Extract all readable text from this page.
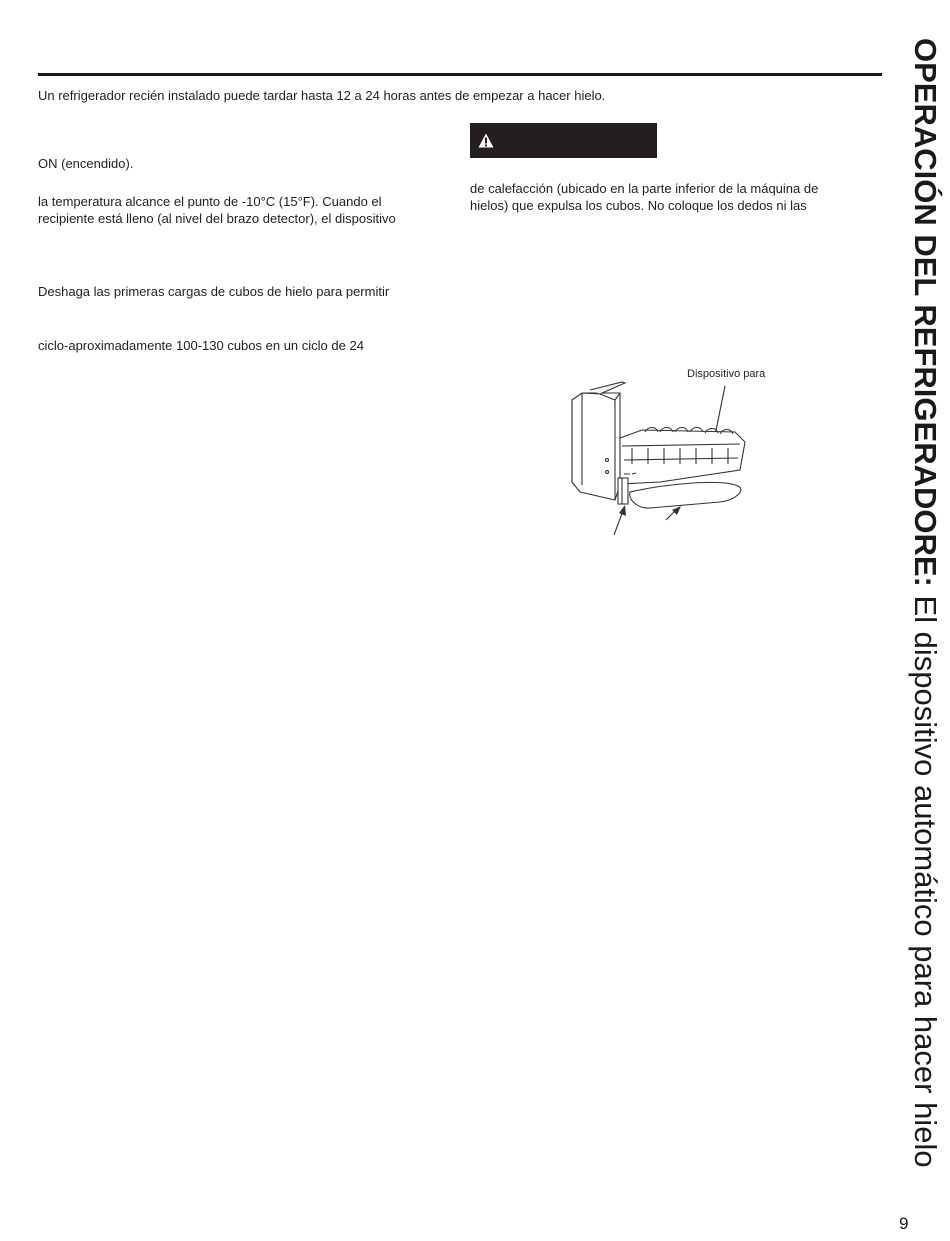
Un refrigerador recién instalado puede tardar hasta 12 a 24 horas antes de empezar a hacer hielo.
ON (encendido).
la temperatura alcance el punto de -10°C (15°F). Cuando el
recipiente está lleno (al nivel del brazo detector), el dispositivo
Deshaga las primeras cargas de cubos de hielo para permitir
ciclo-aproximadamente 100-130 cubos en un ciclo de 24
de calefacción (ubicado en la parte inferior de la máquina de
hielos) que expulsa los cubos. No coloque los dedos ni las
Dispositivo para	OPERACIÓN DEL REFRIGERADORE: El dispositivo automático para hacer hielo
9
